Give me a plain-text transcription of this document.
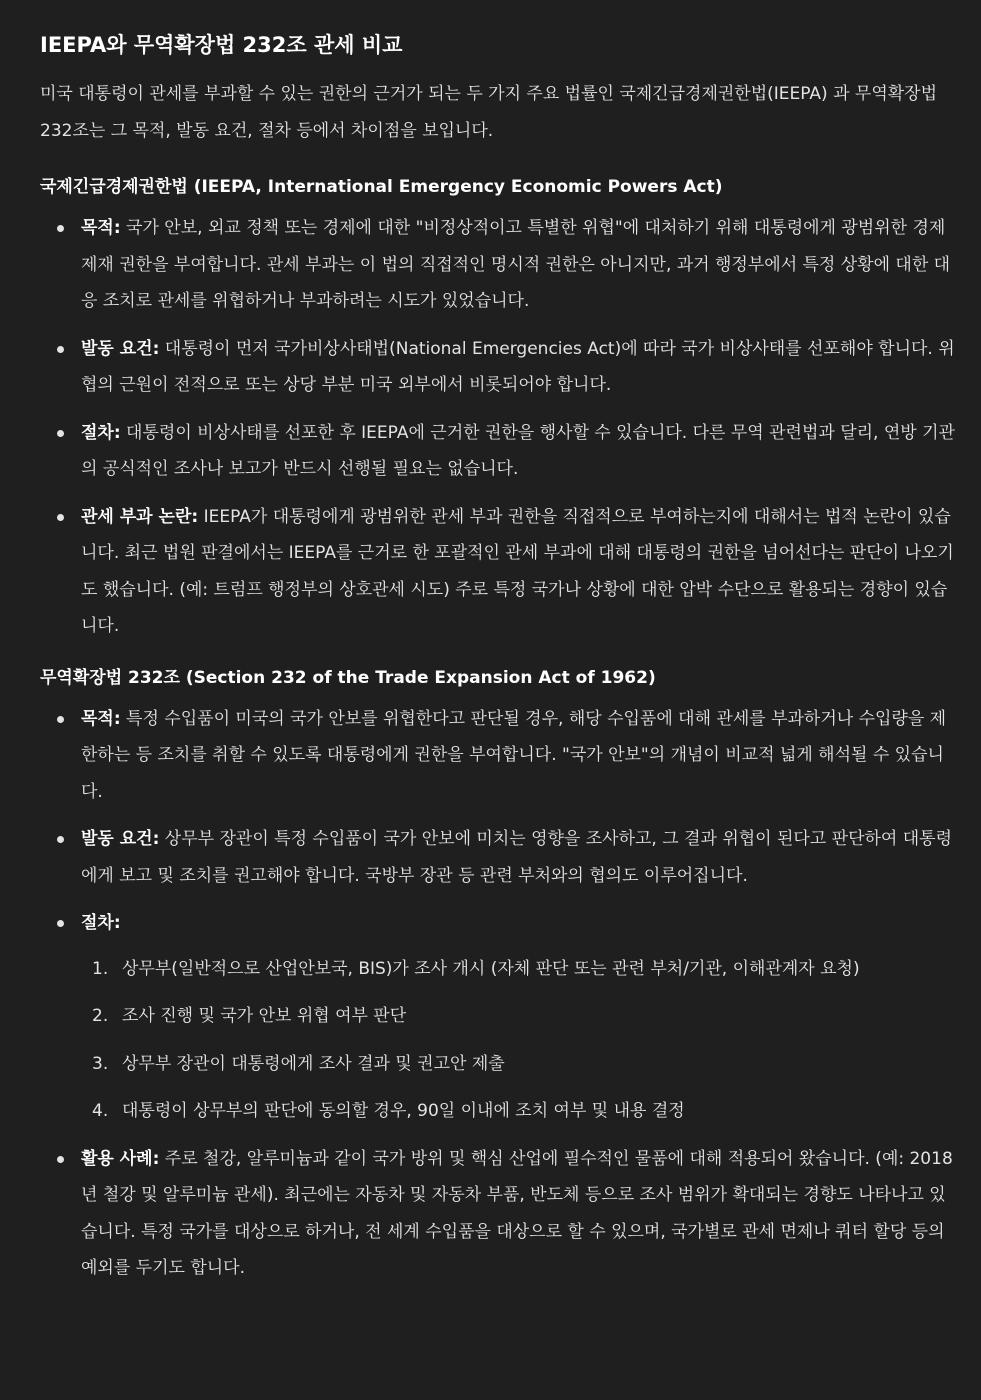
IEEPA와 무역확장법 232조 관세 비교

미국 대통령이 관세를 부과할 수 있는 권한의 근거가 되는 두 가지 주요 법률인 국제긴급경제권한법(IEEPA) 과 무역확장법 232조는 그 목적, 발동 요건, 절차 등에서 차이점을 보입니다.

국제긴급경제권한법 (IEEPA, International Emergency Economic Powers Act)
목적: 국가 안보, 외교 정책 또는 경제에 대한 "비정상적이고 특별한 위협"에 대처하기 위해 대통령에게 광범위한 경제 제재 권한을 부여합니다. 관세 부과는 이 법의 직접적인 명시적 권한은 아니지만, 과거 행정부에서 특정 상황에 대한 대응 조치로 관세를 위협하거나 부과하려는 시도가 있었습니다.
발동 요건: 대통령이 먼저 국가비상사태법(National Emergencies Act)에 따라 국가 비상사태를 선포해야 합니다. 위협의 근원이 전적으로 또는 상당 부분 미국 외부에서 비롯되어야 합니다.
절차: 대통령이 비상사태를 선포한 후 IEEPA에 근거한 권한을 행사할 수 있습니다. 다른 무역 관련법과 달리, 연방 기관의 공식적인 조사나 보고가 반드시 선행될 필요는 없습니다.
관세 부과 논란: IEEPA가 대통령에게 광범위한 관세 부과 권한을 직접적으로 부여하는지에 대해서는 법적 논란이 있습니다. 최근 법원 판결에서는 IEEPA를 근거로 한 포괄적인 관세 부과에 대해 대통령의 권한을 넘어선다는 판단이 나오기도 했습니다. (예: 트럼프 행정부의 상호관세 시도) 주로 특정 국가나 상황에 대한 압박 수단으로 활용되는 경향이 있습니다.
무역확장법 232조 (Section 232 of the Trade Expansion Act of 1962)
목적: 특정 수입품이 미국의 국가 안보를 위협한다고 판단될 경우, 해당 수입품에 대해 관세를 부과하거나 수입량을 제한하는 등 조치를 취할 수 있도록 대통령에게 권한을 부여합니다. "국가 안보"의 개념이 비교적 넓게 해석될 수 있습니다.
발동 요건: 상무부 장관이 특정 수입품이 국가 안보에 미치는 영향을 조사하고, 그 결과 위협이 된다고 판단하여 대통령에게 보고 및 조치를 권고해야 합니다. 국방부 장관 등 관련 부처와의 협의도 이루어집니다.
절차:
1. 상무부(일반적으로 산업안보국, BIS)가 조사 개시 (자체 판단 또는 관련 부처/기관, 이해관계자 요청)
2. 조사 진행 및 국가 안보 위협 여부 판단
3. 상무부 장관이 대통령에게 조사 결과 및 권고안 제출
4. 대통령이 상무부의 판단에 동의할 경우, 90일 이내에 조치 여부 및 내용 결정
활용 사례: 주로 철강, 알루미늄과 같이 국가 방위 및 핵심 산업에 필수적인 물품에 대해 적용되어 왔습니다. (예: 2018년 철강 및 알루미늄 관세). 최근에는 자동차 및 자동차 부품, 반도체 등으로 조사 범위가 확대되는 경향도 나타나고 있습니다. 특정 국가를 대상으로 하거나, 전 세계 수입품을 대상으로 할 수 있으며, 국가별로 관세 면제나 쿼터 할당 등의 예외를 두기도 합니다.
